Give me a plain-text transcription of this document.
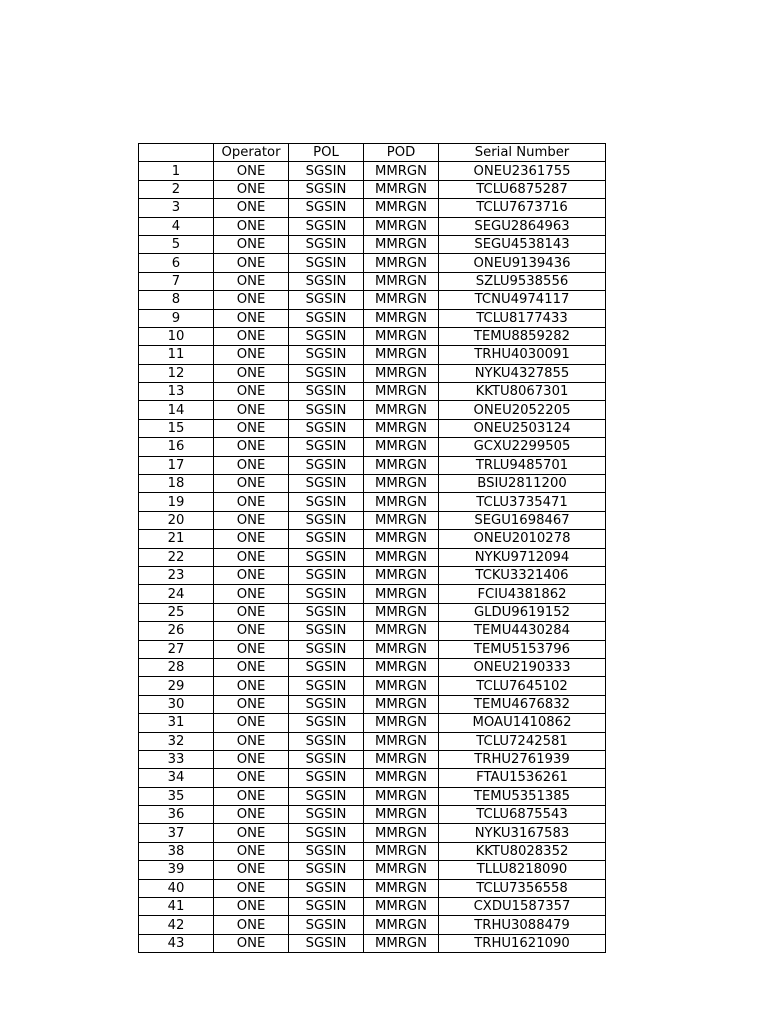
	Operator	POL	POD	Serial Number
1	ONE	SGSIN	MMRGN	ONEU2361755
2	ONE	SGSIN	MMRGN	TCLU6875287
3	ONE	SGSIN	MMRGN	TCLU7673716
4	ONE	SGSIN	MMRGN	SEGU2864963
5	ONE	SGSIN	MMRGN	SEGU4538143
6	ONE	SGSIN	MMRGN	ONEU9139436
7	ONE	SGSIN	MMRGN	SZLU9538556
8	ONE	SGSIN	MMRGN	TCNU4974117
9	ONE	SGSIN	MMRGN	TCLU8177433
10	ONE	SGSIN	MMRGN	TEMU8859282
11	ONE	SGSIN	MMRGN	TRHU4030091
12	ONE	SGSIN	MMRGN	NYKU4327855
13	ONE	SGSIN	MMRGN	KKTU8067301
14	ONE	SGSIN	MMRGN	ONEU2052205
15	ONE	SGSIN	MMRGN	ONEU2503124
16	ONE	SGSIN	MMRGN	GCXU2299505
17	ONE	SGSIN	MMRGN	TRLU9485701
18	ONE	SGSIN	MMRGN	BSIU2811200
19	ONE	SGSIN	MMRGN	TCLU3735471
20	ONE	SGSIN	MMRGN	SEGU1698467
21	ONE	SGSIN	MMRGN	ONEU2010278
22	ONE	SGSIN	MMRGN	NYKU9712094
23	ONE	SGSIN	MMRGN	TCKU3321406
24	ONE	SGSIN	MMRGN	FCIU4381862
25	ONE	SGSIN	MMRGN	GLDU9619152
26	ONE	SGSIN	MMRGN	TEMU4430284
27	ONE	SGSIN	MMRGN	TEMU5153796
28	ONE	SGSIN	MMRGN	ONEU2190333
29	ONE	SGSIN	MMRGN	TCLU7645102
30	ONE	SGSIN	MMRGN	TEMU4676832
31	ONE	SGSIN	MMRGN	MOAU1410862
32	ONE	SGSIN	MMRGN	TCLU7242581
33	ONE	SGSIN	MMRGN	TRHU2761939
34	ONE	SGSIN	MMRGN	FTAU1536261
35	ONE	SGSIN	MMRGN	TEMU5351385
36	ONE	SGSIN	MMRGN	TCLU6875543
37	ONE	SGSIN	MMRGN	NYKU3167583
38	ONE	SGSIN	MMRGN	KKTU8028352
39	ONE	SGSIN	MMRGN	TLLU8218090
40	ONE	SGSIN	MMRGN	TCLU7356558
41	ONE	SGSIN	MMRGN	CXDU1587357
42	ONE	SGSIN	MMRGN	TRHU3088479
43	ONE	SGSIN	MMRGN	TRHU1621090
